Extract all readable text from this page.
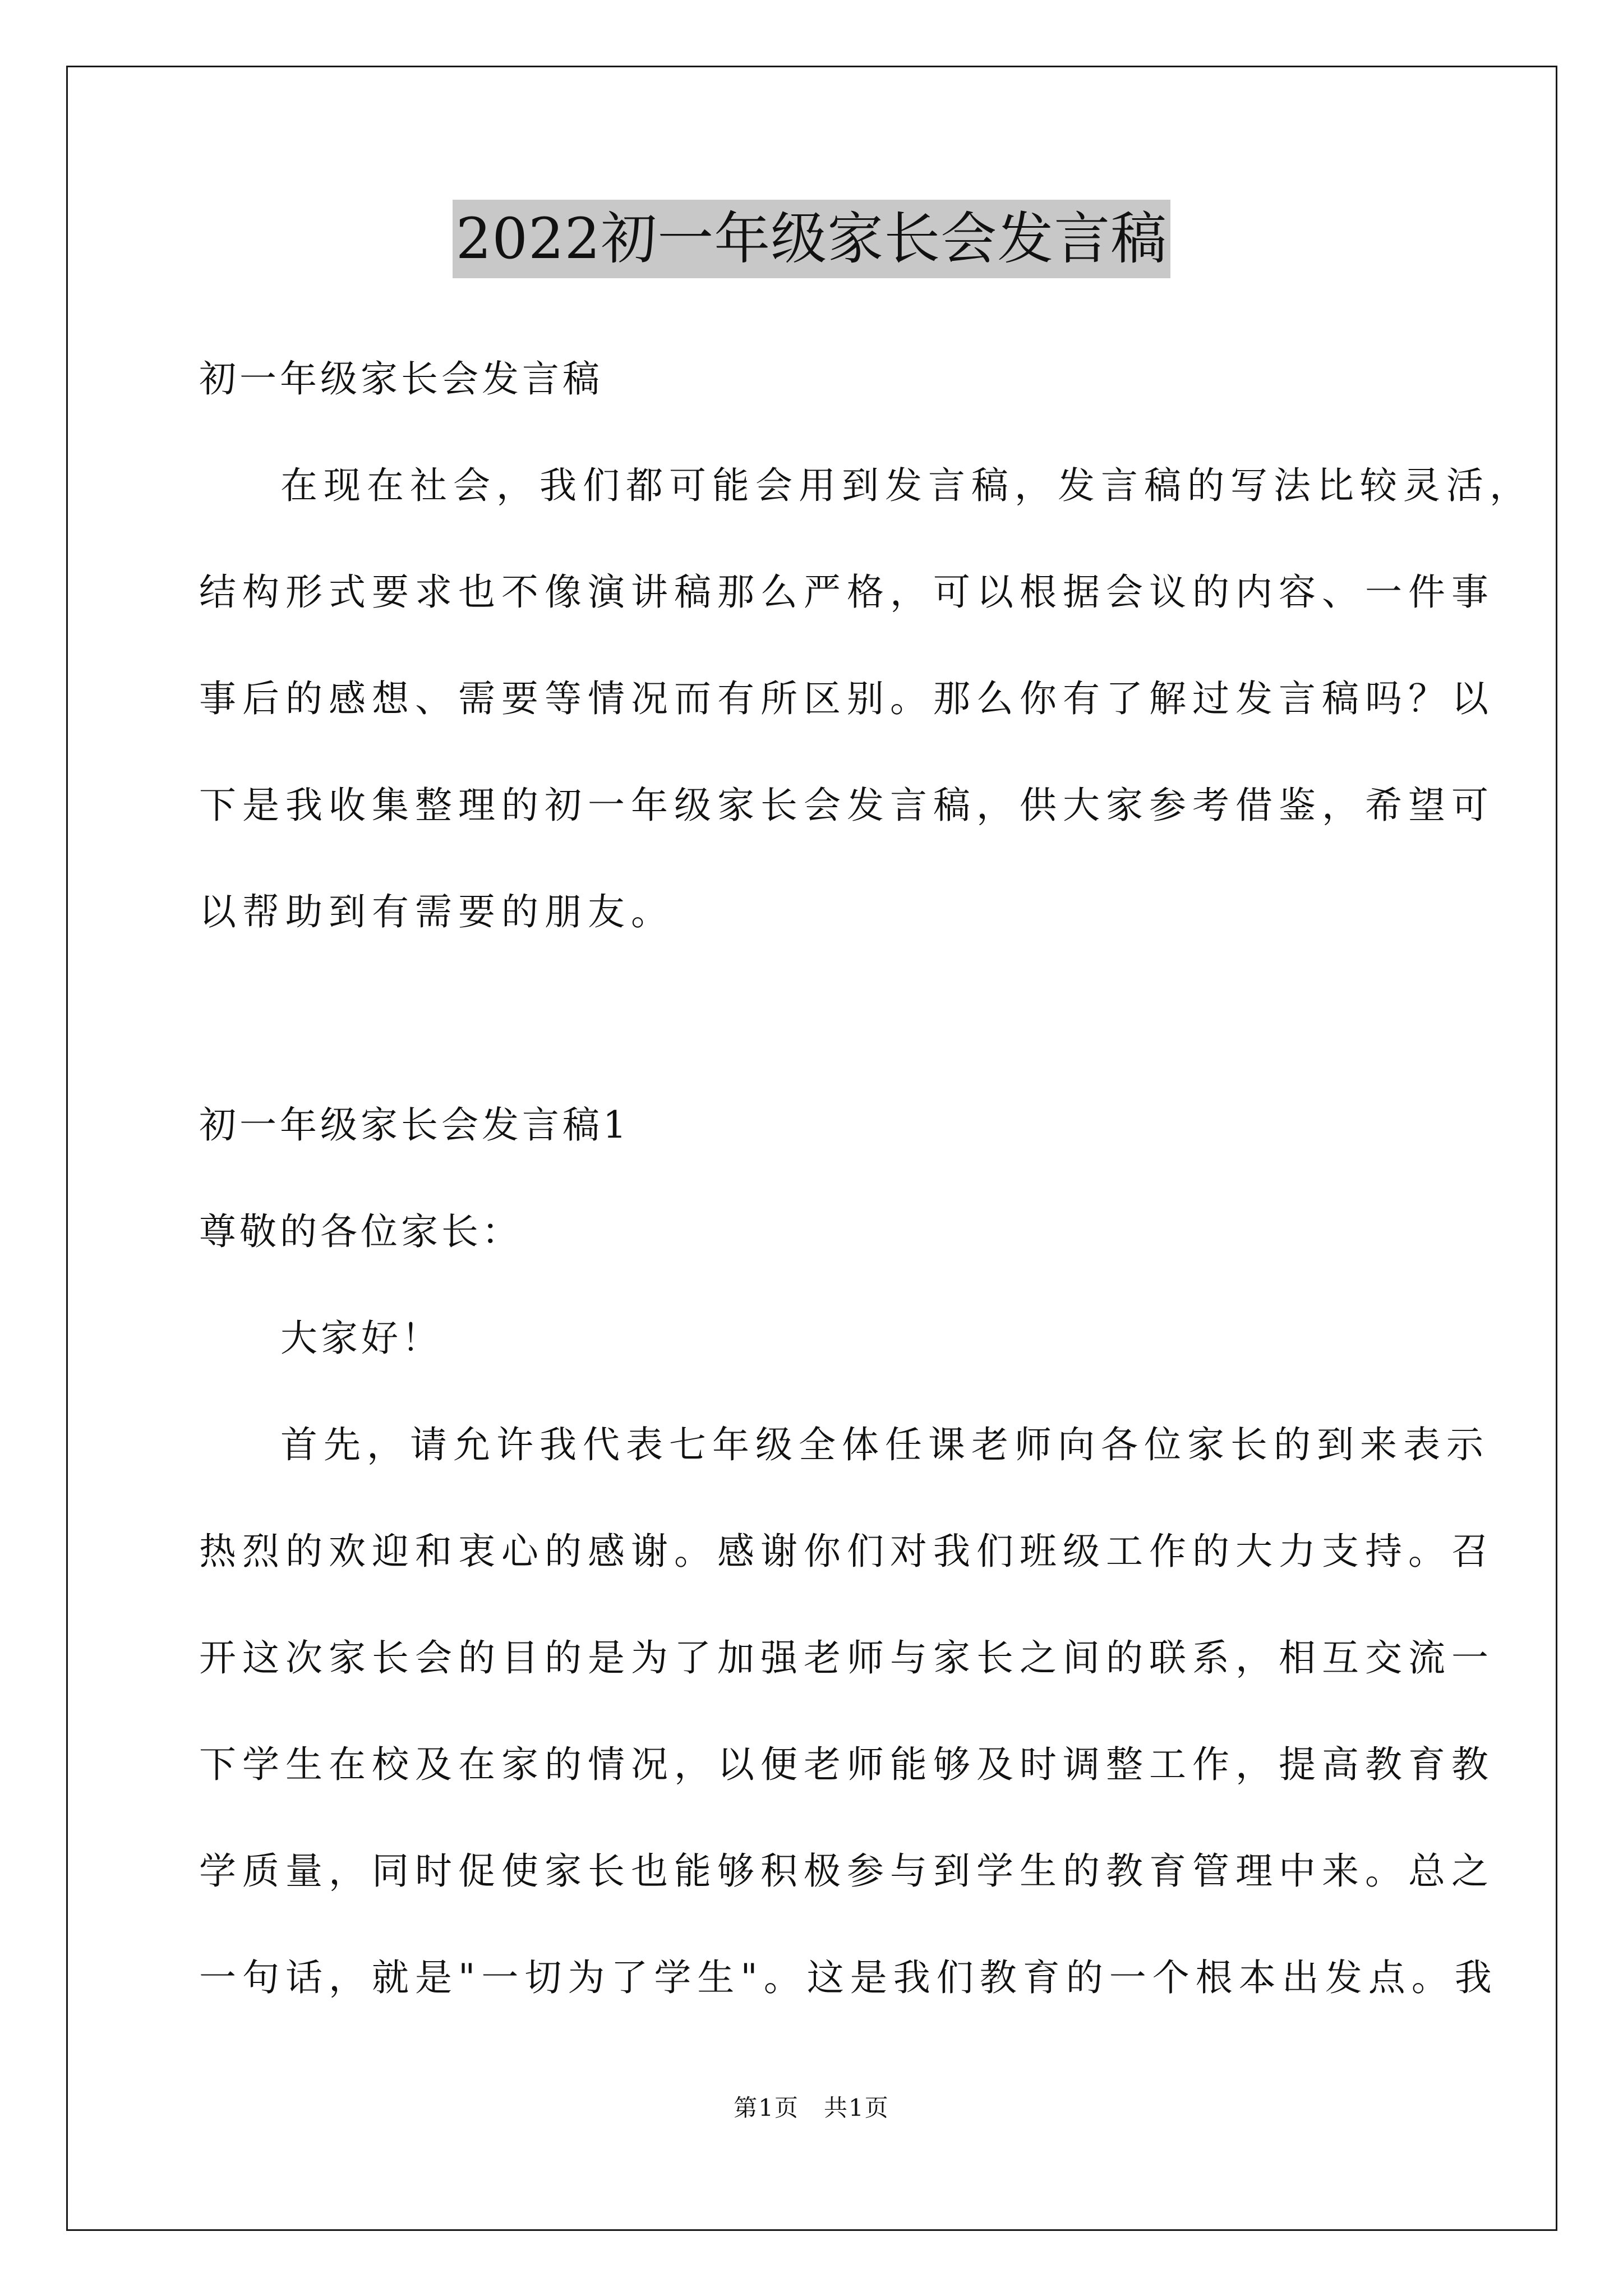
2022初一年级家长会发言稿
初一年级家长会发言稿
在现在社会，我们都可能会用到发言稿，发言稿的写法比较灵活，
结构形式要求也不像演讲稿那么严格，可以根据会议的内容、一件事
事后的感想、需要等情况而有所区别。那么你有了解过发言稿吗？以
下是我收集整理的初一年级家长会发言稿，供大家参考借鉴，希望可
以帮助到有需要的朋友。
初一年级家长会发言稿1
尊敬的各位家长：
大家好！
首先，请允许我代表七年级全体任课老师向各位家长的到来表示
热烈的欢迎和衷心的感谢。感谢你们对我们班级工作的大力支持。召
开这次家长会的目的是为了加强老师与家长之间的联系，相互交流一
下学生在校及在家的情况，以便老师能够及时调整工作，提高教育教
学质量，同时促使家长也能够积极参与到学生的教育管理中来。总之
一句话，就是"一切为了学生"。这是我们教育的一个根本出发点。我
第1页　共1页
